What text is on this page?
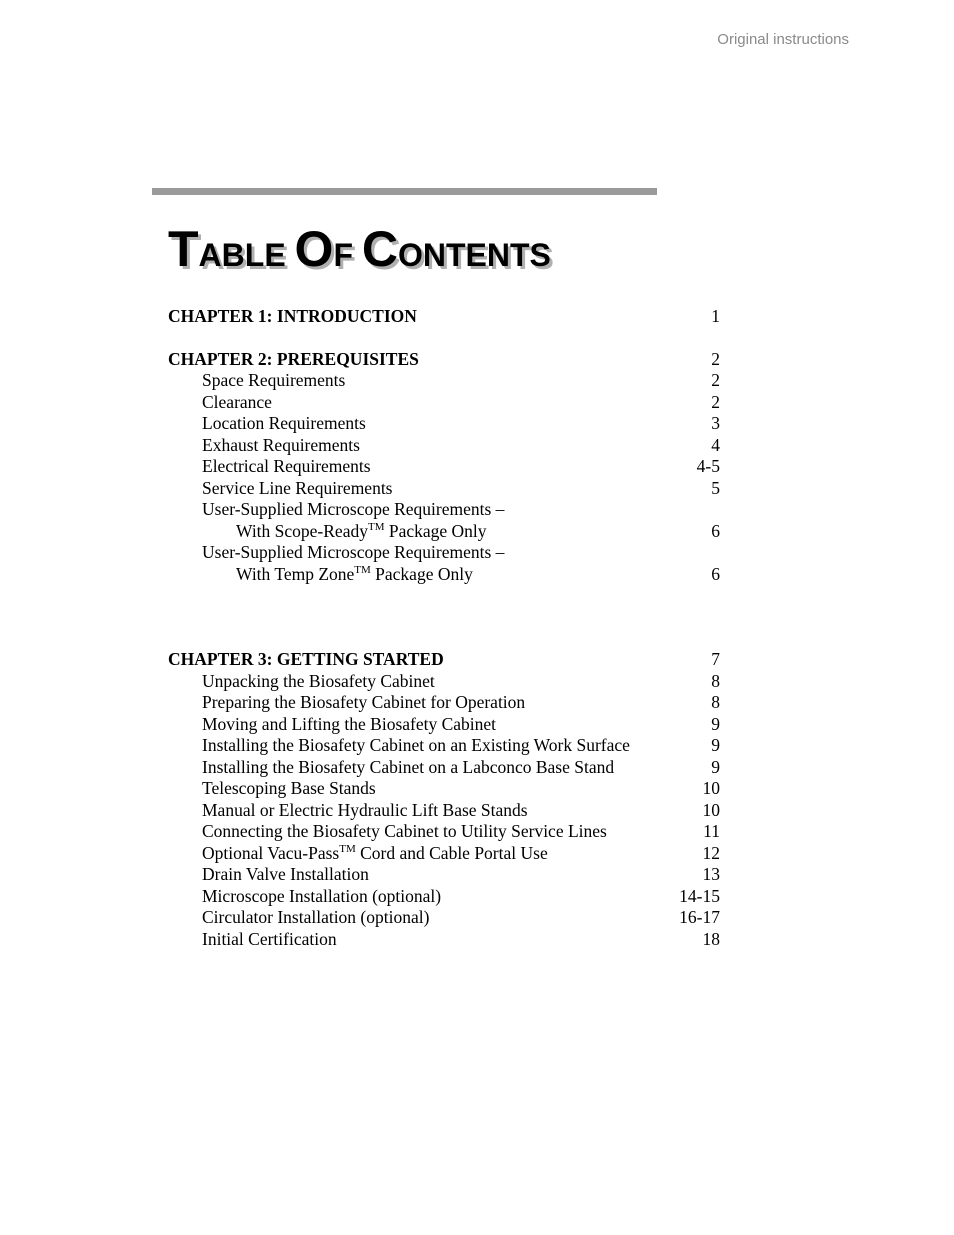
Original instructions
TABLE OF CONTENTS
CHAPTER 1: INTRODUCTION	1
CHAPTER 2: PREREQUISITES	2
Space Requirements	2
Clearance	2
Location Requirements	3
Exhaust Requirements	4
Electrical Requirements	4-5
Service Line Requirements	5
User-Supplied Microscope Requirements –
With Scope-Ready™ Package Only	6
User-Supplied Microscope Requirements –
With Temp Zone™ Package Only	6
CHAPTER 3: GETTING STARTED	7
Unpacking the Biosafety Cabinet	8
Preparing the Biosafety Cabinet for Operation	8
Moving and Lifting the Biosafety Cabinet	9
Installing the Biosafety Cabinet on an Existing Work Surface	9
Installing the Biosafety Cabinet on a Labconco Base Stand	9
Telescoping Base Stands	10
Manual or Electric Hydraulic Lift Base Stands	10
Connecting the Biosafety Cabinet to Utility Service Lines	11
Optional Vacu-Pass™ Cord and Cable Portal Use	12
Drain Valve Installation	13
Microscope Installation (optional)	14-15
Circulator Installation (optional)	16-17
Initial Certification	18
